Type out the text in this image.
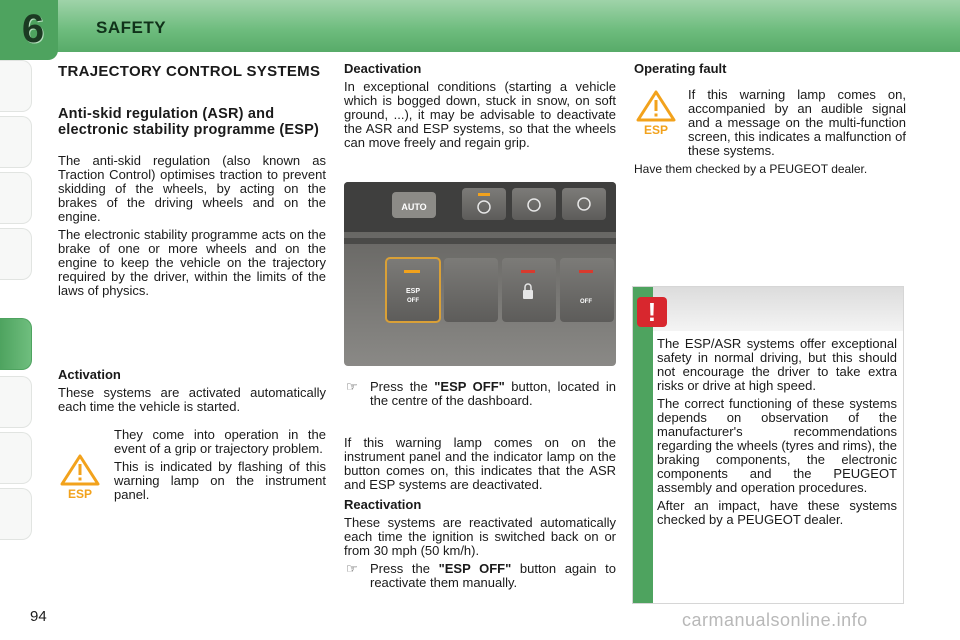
6	SAFETY
TRAJECTORY CONTROL SYSTEMS
Anti-skid regulation (ASR) and electronic stability programme (ESP)

The anti-skid regulation (also known as Traction Control) optimises traction to prevent skidding of the wheels, by acting on the brakes of the driving wheels and on the engine.

The electronic stability programme acts on the brake of one or more wheels and on the engine to keep the vehicle on the trajectory required by the driver, within the limits of the laws of physics.

Activation

These systems are activated automatically each time the vehicle is started.

They come into operation in the event of a grip or trajectory problem.

This is indicated by flashing of this warning lamp on the instrument panel.

ESP

Deactivation

In exceptional conditions (starting a vehicle which is bogged down, stuck in snow, on soft ground, ...), it may be advisable to deactivate the ASR and ESP systems, so that the wheels can move freely and regain grip.

AUTO
ESP
OFF	OFF
☞ Press the "ESP OFF" button, located in the centre of the dashboard.

If this warning lamp comes on on the instrument panel and the indicator lamp on the button comes on, this indicates that the ASR and ESP systems are deactivated.

Reactivation

These systems are reactivated automatically each time the ignition is switched back on or from 30 mph (50 km/h).

☞ Press the "ESP OFF" button again to reactivate them manually.

Operating fault

If this warning lamp comes on, accompanied by an audible signal and a message on the multi-function screen, this indicates a malfunction of these systems.

Have them checked by a PEUGEOT dealer.

ESP
!

The ESP/ASR systems offer exceptional safety in normal driving, but this should not encourage the driver to take extra risks or drive at high speed.

The correct functioning of these systems depends on observation of the manufacturer's recommendations regarding the wheels (tyres and rims), the braking components, the electronic components and the PEUGEOT assembly and operation procedures.

After an impact, have these systems checked by a PEUGEOT dealer.

94	carmanualsonline.info
